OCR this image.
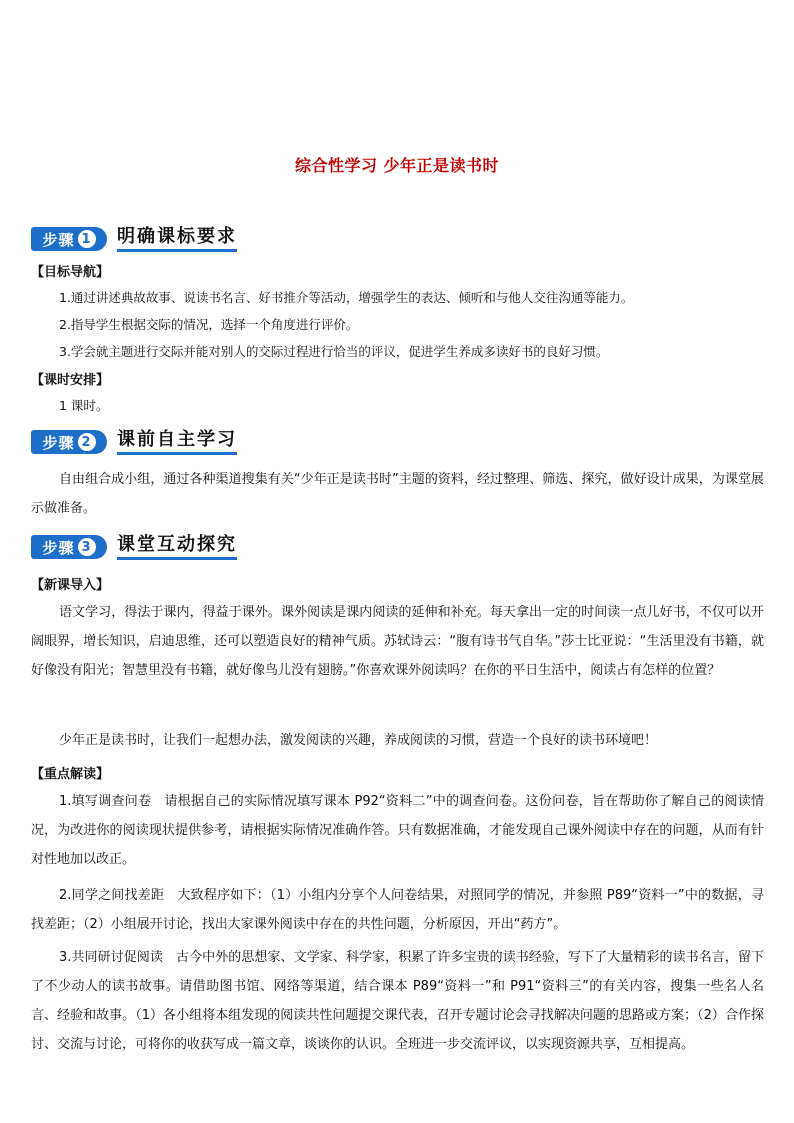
综合性学习 少年正是读书时
步骤 1 明确课标要求
【目标导航】
1.通过讲述典故故事、说读书名言、好书推介等活动，增强学生的表达、倾听和与他人交往沟通等能力。
2.指导学生根据交际的情况，选择一个角度进行评价。
3.学会就主题进行交际并能对别人的交际过程进行恰当的评议，促进学生养成多读好书的良好习惯。
【课时安排】
1 课时。
步骤 2 课前自主学习
自由组合成小组，通过各种渠道搜集有关“少年正是读书时”主题的资料，经过整理、筛选、探究，做好设计成果，为课堂展示做准备。
步骤 3 课堂互动探究
【新课导入】
语文学习，得法于课内，得益于课外。课外阅读是课内阅读的延伸和补充。每天拿出一定的时间读一点儿好书，不仅可以开阔眼界，增长知识，启迪思维，还可以塑造良好的精神气质。苏轼诗云：“腹有诗书气自华。”莎士比亚说：“生活里没有书籍，就好像没有阳光；智慧里没有书籍，就好像鸟儿没有翅膀。”你喜欢课外阅读吗？在你的平日生活中，阅读占有怎样的位置？
少年正是读书时，让我们一起想办法，激发阅读的兴趣，养成阅读的习惯，营造一个良好的读书环境吧！
【重点解读】
1.填写调查问卷　请根据自己的实际情况填写课本 P92“资料二”中的调查问卷。这份问卷，旨在帮助你了解自己的阅读情况，为改进你的阅读现状提供参考，请根据实际情况准确作答。只有数据准确，才能发现自己课外阅读中存在的问题，从而有针对性地加以改正。
2.同学之间找差距　大致程序如下：（1）小组内分享个人问卷结果，对照同学的情况，并参照 P89“资料一”中的数据，寻找差距；（2）小组展开讨论，找出大家课外阅读中存在的共性问题，分析原因，开出“药方”。
3.共同研讨促阅读　古今中外的思想家、文学家、科学家，积累了许多宝贵的读书经验，写下了大量精彩的读书名言，留下了不少动人的读书故事。请借助图书馆、网络等渠道，结合课本 P89“资料一”和 P91“资料三”的有关内容，搜集一些名人名言、经验和故事。（1）各小组将本组发现的阅读共性问题提交课代表，召开专题讨论会寻找解决问题的思路或方案；（2）合作探讨、交流与讨论，可将你的收获写成一篇文章，谈谈你的认识。全班进一步交流评议，以实现资源共享，互相提高。
